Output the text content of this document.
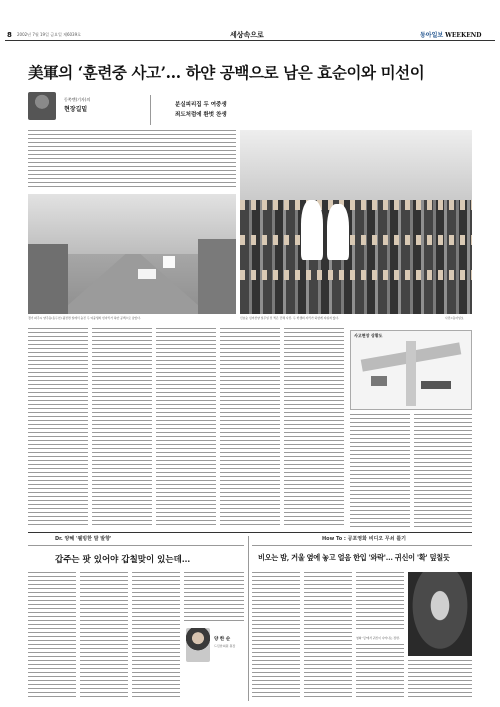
8 2002년 7월 19일 금요일 제6039호	세상속으로	동아일보 WEEKEND
美軍의 ‘훈련중 사고’… 하얀 공백으로 남은 효순이와 미선이
동쪽맨(기자)의
현장길밑
분실피리집 두 여중생
죄도처럼에 환벗 찬생
경기 파주시 양주동(동두천) 광전면 일에서 숨진 두 여중생의 빈자리가 하얀 공백으로 남았다.	신효순 심미선양 일주일 전 찍은 단체 사진. 두 학생의 자리가 하얗게 지워져 있다.	사진=동아일보
사고현장 상황도
Dr. 양혜 '웰빙한 말 발향'
갑주는 팟 있어야 갑칠맞이 있는데…
양 한 순
드림한의원 원장
How To : 공포영화 비디오 무쇠 틀기
비오는 밤, 거울 옆에 놓고 얼음 한입 '와락'… 귀신이 '확' 덮칠듯
영화 '링'에서 귀신이 나타나는 장면.
